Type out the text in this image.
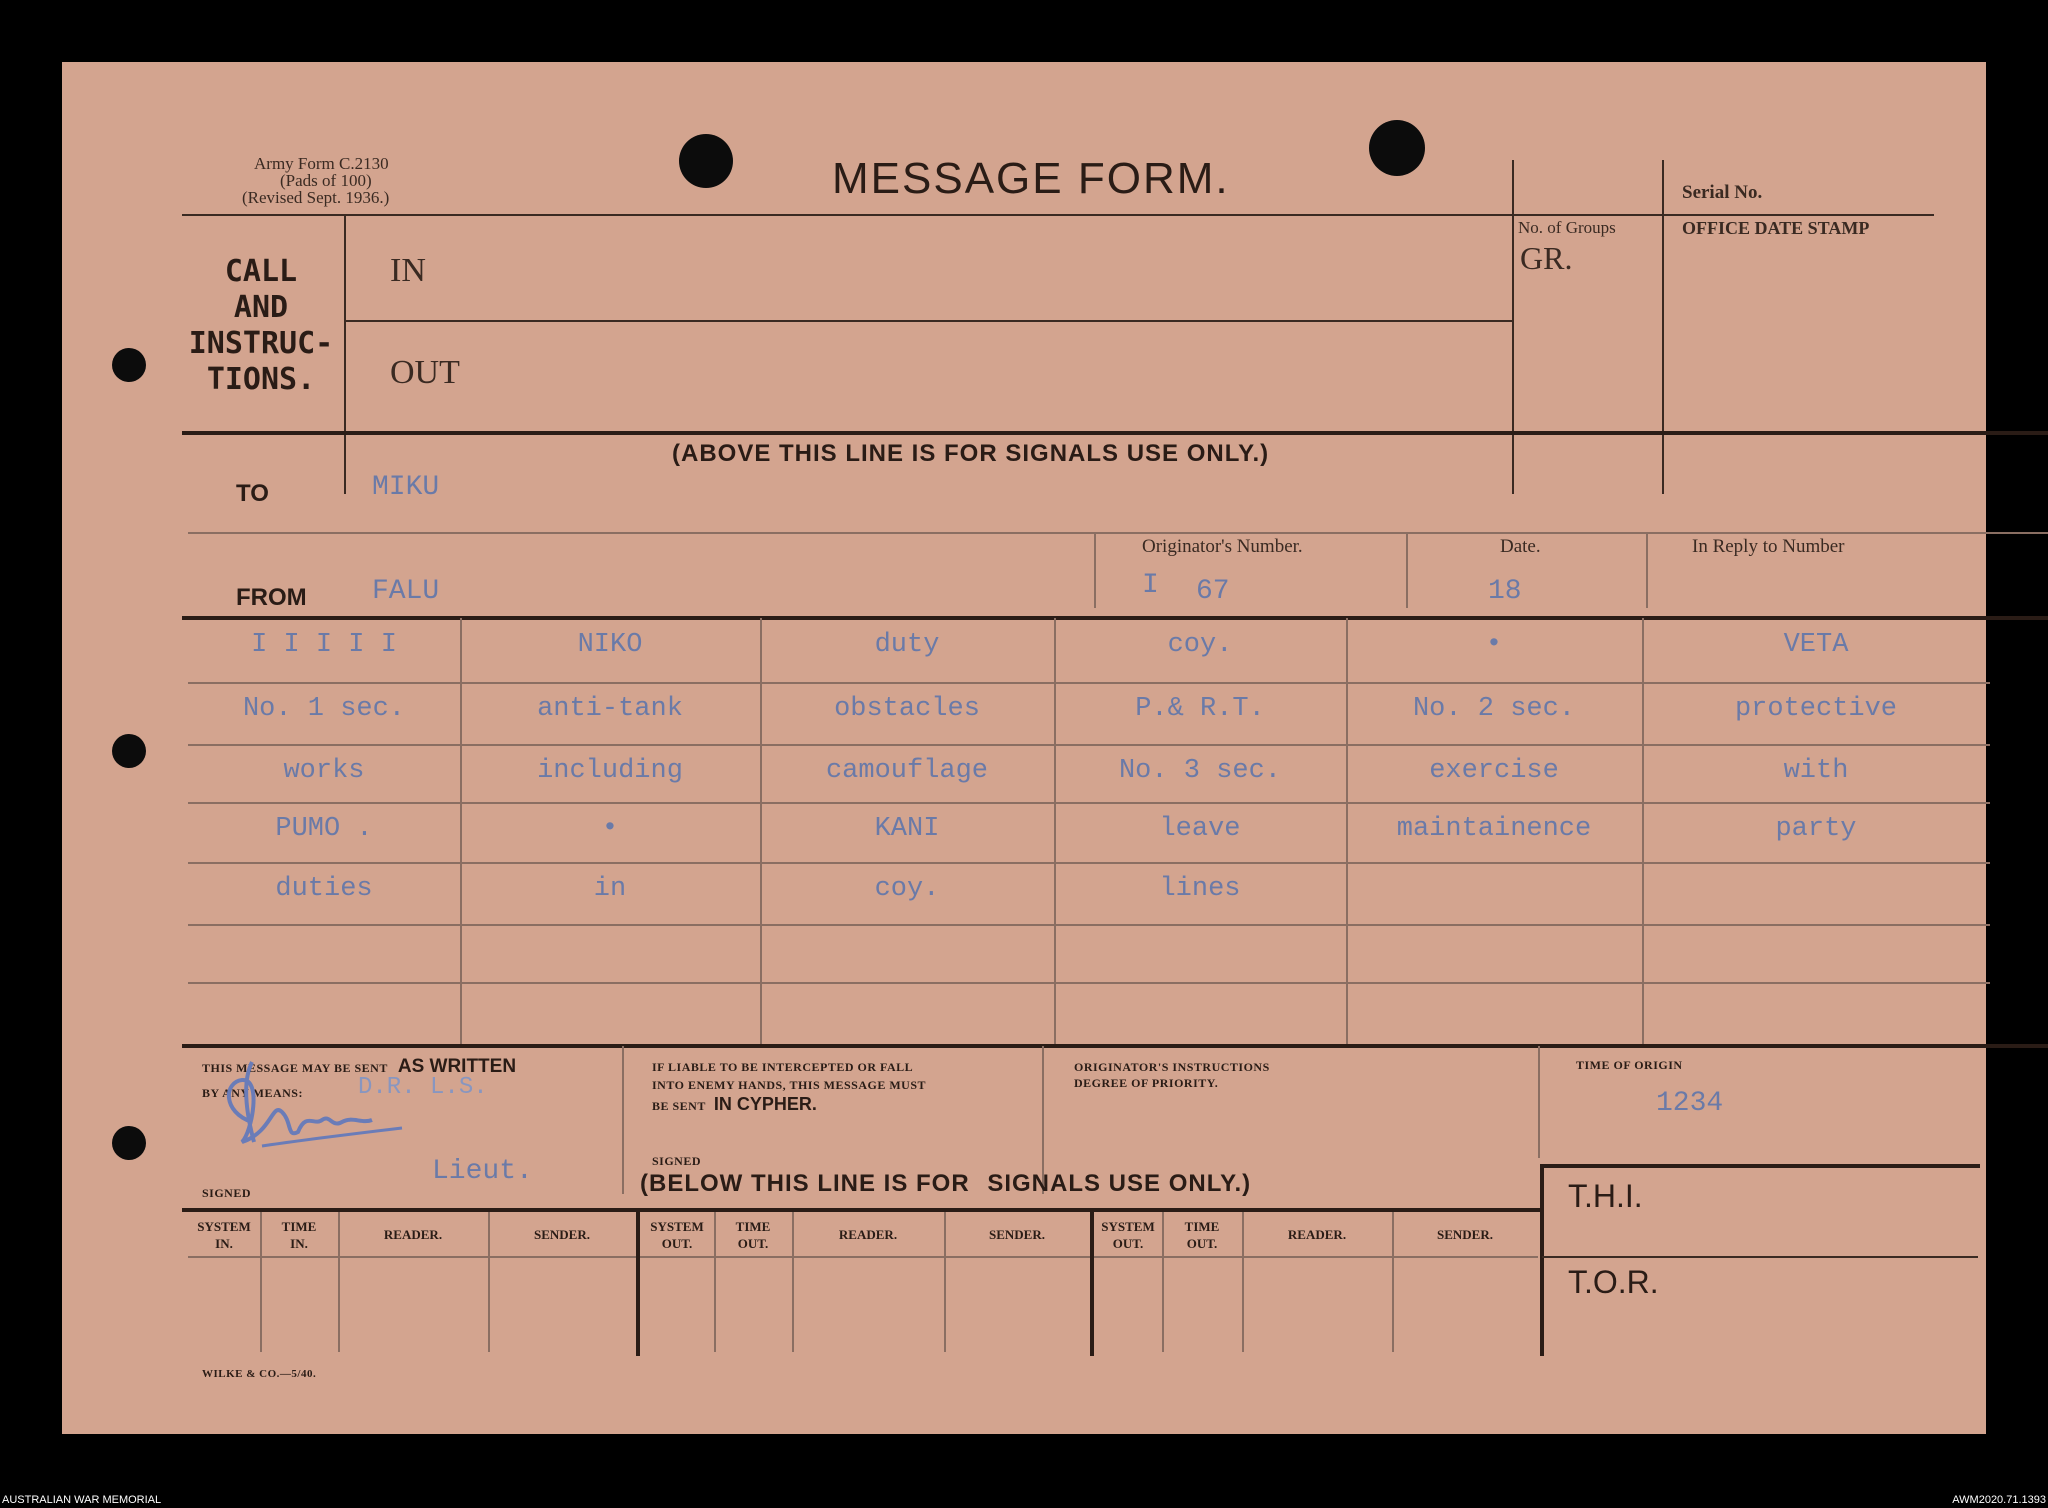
Army Form C.2130
(Pads of 100)
(Revised Sept. 1936.)	MESSAGE FORM.
No. of Groups
GR.
Serial No.
OFFICE DATE STAMP
CALL
AND
INSTRUC-
TIONS.
IN
OUT
(ABOVE THIS LINE IS FOR SIGNALS USE ONLY.)
TO	MIKU
Originator's Number.	Date.	In Reply to Number
FROM FALU	I 67	18
I I I I I	NIKO	duty	coy.	•	VETA
No. 1 sec.	anti-tank	obstacles	P.& R.T.	No. 2 sec.	protective
works	including	camouflage	No. 3 sec.	exercise	with
PUMO .	•	KANI	leave	maintainence	party
duties	in	coy.	lines
THIS MESSAGE MAY BE SENT AS WRITTEN
BY ANY MEANS: D.R. L.S.
SIGNED
Lieut.
IF LIABLE TO BE INTERCEPTED OR FALL
INTO ENEMY HANDS, THIS MESSAGE MUST
BE SENT IN CYPHER.
SIGNED
ORIGINATOR'S INSTRUCTIONS
DEGREE OF PRIORITY.
TIME OF ORIGIN
1234
(BELOW THIS LINE IS FOR SIGNALS USE ONLY.)	T.H.I.
T.O.R.
SYSTEM
IN.
TIME
IN.
READER.	SENDER.
SYSTEM
OUT.
TIME
OUT.
READER.	SENDER.
SYSTEM
OUT.
TIME
OUT.
READER.	SENDER.
WILKE & CO.—5/40.
AUSTRALIAN WAR MEMORIAL	AWM2020.71.1393
